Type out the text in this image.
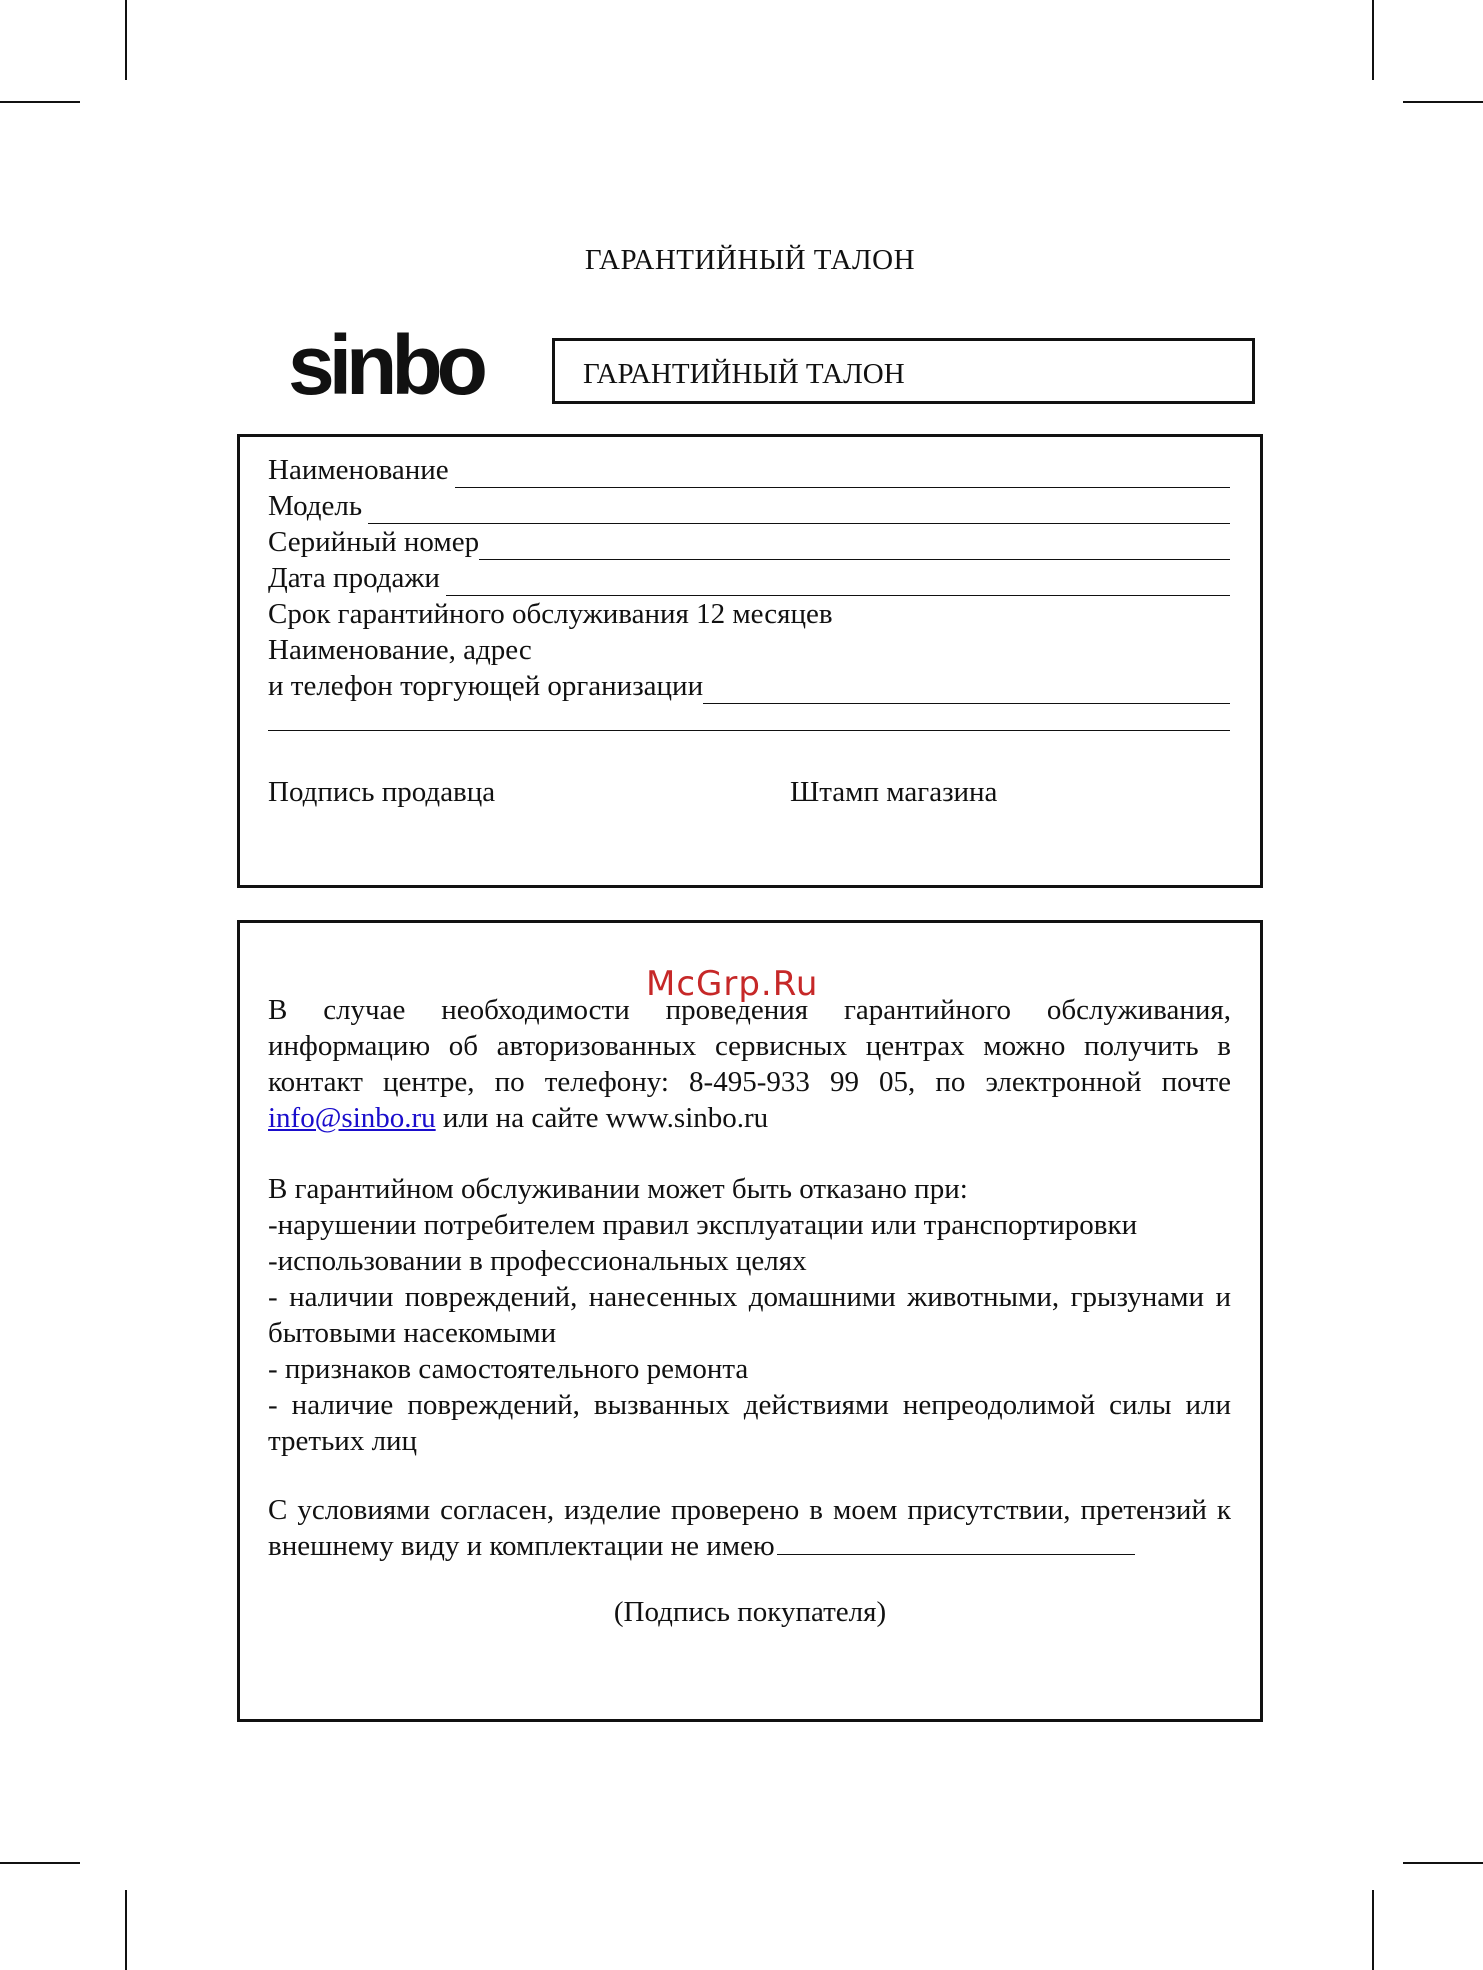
ГАРАНТИЙНЫЙ ТАЛОН
sinbo	ГАРАНТИЙНЫЙ ТАЛОН
Наименование
Модель
Серийный номер
Дата продажи
Срок гарантийного обслуживания 12 месяцев
Наименование, адрес
и телефон торгующей организации
Подпись продавца	Штамп магазина
McGrp.Ru

В случае необходимости проведения гарантийного обслуживания, информацию об авторизованных сервисных центрах можно получить в контакт центре, по телефону: 8-495-933 99 05, по электронной почте info@sinbo.ru или на сайте www.sinbo.ru

В гарантийном обслуживании может быть отказано при:

-нарушении потребителем правил эксплуатации или транспортировки

-использовании в профессиональных целях

- наличии повреждений, нанесенных домашними животными, грызунами и бытовыми насекомыми

- признаков самостоятельного ремонта

- наличие повреждений, вызванных действиями непреодолимой силы или третьих лиц

С условиями согласен, изделие проверено в моем присутствии, претензий к внешнему виду и комплектации не имею

(Подпись покупателя)
